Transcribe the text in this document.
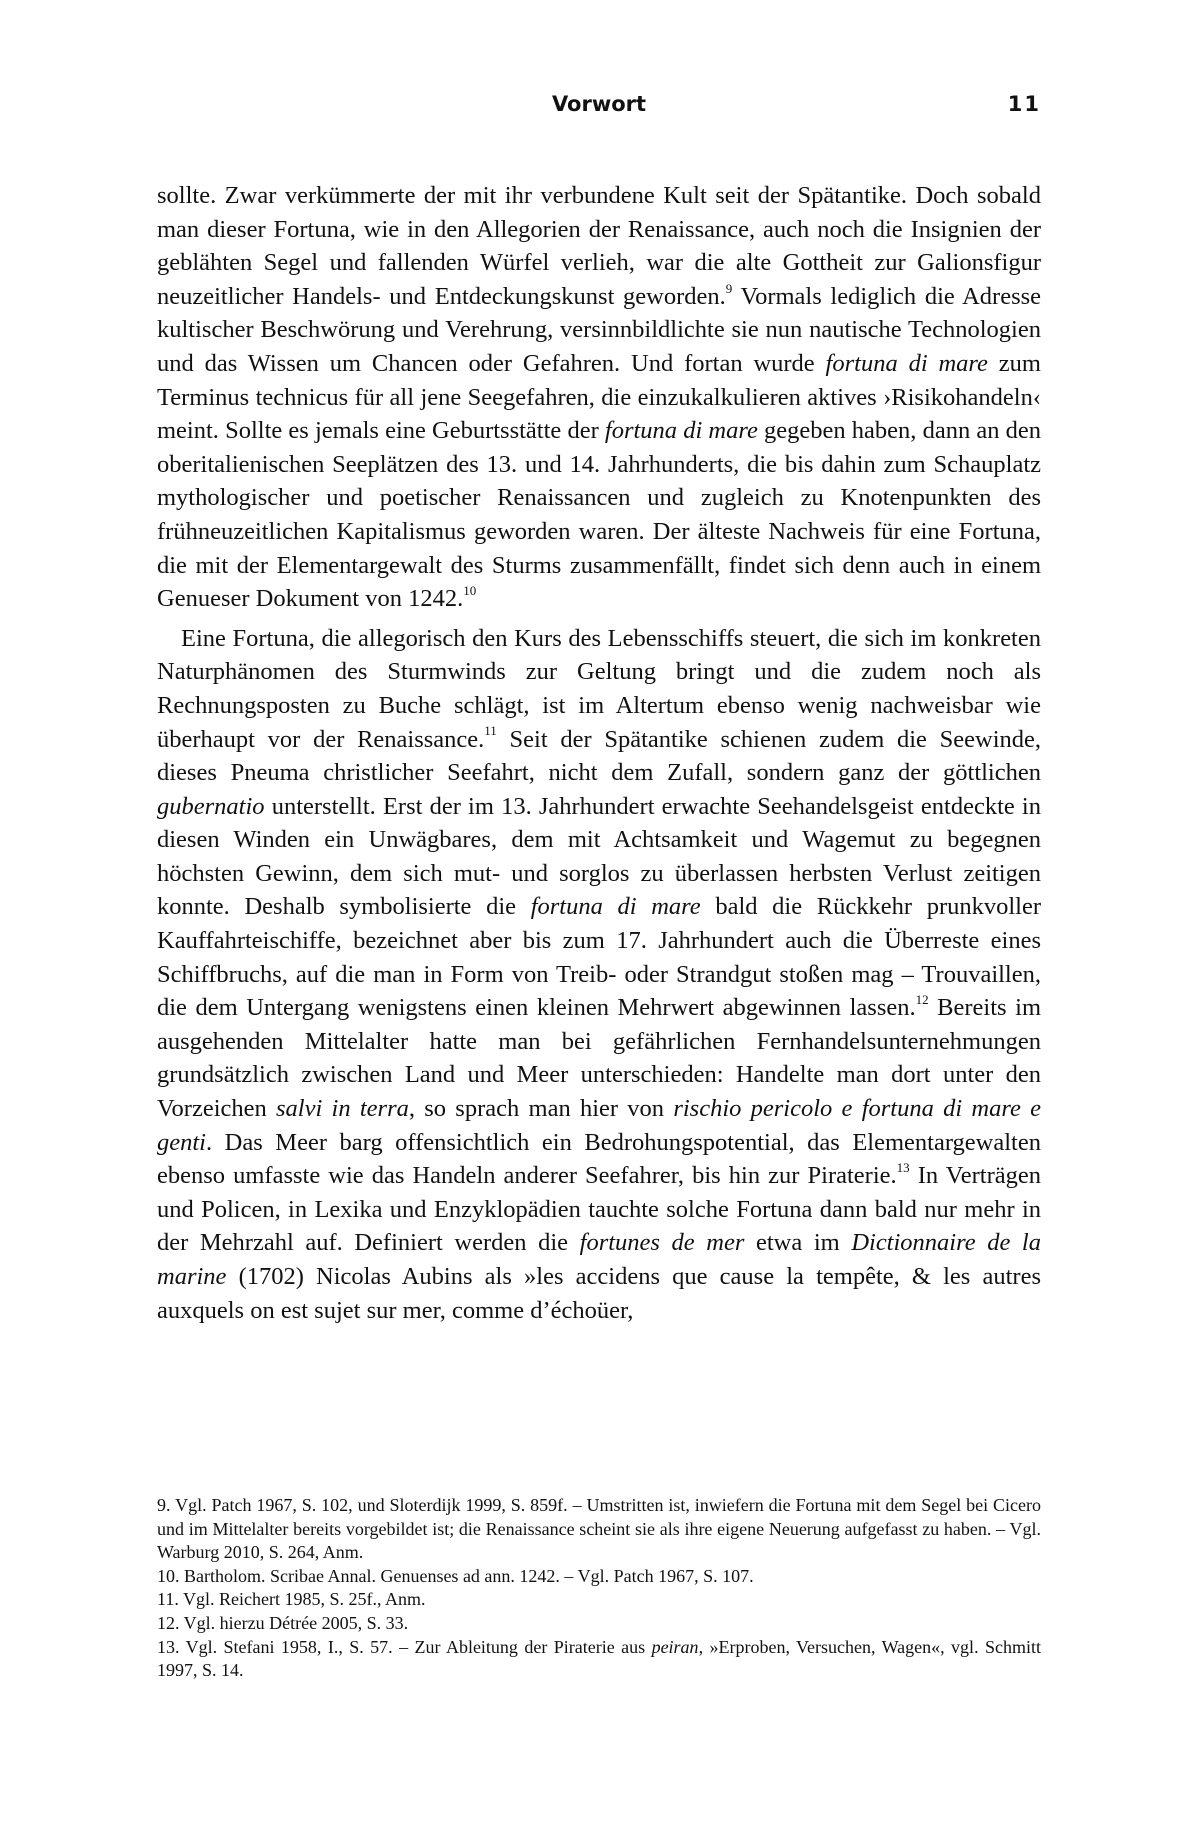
Vorwort	11

sollte. Zwar verkümmerte der mit ihr verbundene Kult seit der Spätantike. Doch sobald man dieser Fortuna, wie in den Allegorien der Renaissance, auch noch die Insignien der geblähten Segel und fallenden Würfel verlieh, war die alte Gottheit zur Galionsfigur neuzeitlicher Handels- und Entdeckungskunst geworden.$^9$ Vormals lediglich die Adresse kultischer Beschwörung und Verehrung, versinnbildlichte sie nun nautische Technologien und das Wissen um Chancen oder Gefahren. Und fortan wurde fortuna di mare zum Terminus technicus für all jene Seegefahren, die einzukalkulieren aktives ›Risikohandeln‹ meint. Sollte es jemals eine Geburtsstätte der fortuna di mare gegeben haben, dann an den oberitalienischen Seeplätzen des 13. und 14. Jahrhunderts, die bis dahin zum Schauplatz mythologischer und poetischer Renaissancen und zugleich zu Knotenpunkten des frühneuzeitlichen Kapitalismus geworden waren. Der älteste Nachweis für eine Fortuna, die mit der Elementargewalt des Sturms zusammenfällt, findet sich denn auch in einem Genueser Dokument von 1242.10

Eine Fortuna, die allegorisch den Kurs des Lebensschiffs steuert, die sich im konkreten Naturphänomen des Sturmwinds zur Geltung bringt und die zudem noch als Rechnungsposten zu Buche schlägt, ist im Altertum ebenso wenig nachweisbar wie überhaupt vor der Renaissance.$^{11}$ Seit der Spätantike schienen zudem die Seewinde, dieses Pneuma christlicher Seefahrt, nicht dem Zufall, sondern ganz der göttlichen gubernatio unterstellt. Erst der im 13. Jahrhundert erwachte Seehandelsgeist entdeckte in diesen Winden ein Unwägbares, dem mit Achtsamkeit und Wagemut zu begegnen höchsten Gewinn, dem sich mut- und sorglos zu überlassen herbsten Verlust zeitigen konnte. Deshalb symbolisierte die fortuna di mare bald die Rückkehr prunkvoller Kauffahrteischiffe, bezeichnet aber bis zum 17. Jahrhundert auch die Überreste eines Schiffbruchs, auf die man in Form von Treib- oder Strandgut stoßen mag – Trouvaillen, die dem Untergang wenigstens einen kleinen Mehrwert abgewinnen lassen.$^{12}$ Bereits im ausgehenden Mittelalter hatte man bei gefährlichen Fernhandelsunternehmungen grundsätzlich zwischen Land und Meer unterschieden: Handelte man dort unter den Vorzeichen salvi in terra, so sprach man hier von rischio pericolo e fortuna di mare e genti. Das Meer barg offensichtlich ein Bedrohungspotential, das Elementargewalten ebenso umfasste wie das Handeln anderer Seefahrer, bis hin zur Piraterie.$^{13}$ In Verträgen und Policen, in Lexika und Enzyklopädien tauchte solche Fortuna dann bald nur mehr in der Mehrzahl auf. Definiert werden die fortunes de mer etwa im Dictionnaire de la marine (1702) Nicolas Aubins als »les accidens que cause la tempête, & les autres auxquels on est sujet sur mer, comme d’échoüer,

9. Vgl. Patch 1967, S. 102, und Sloterdijk 1999, S. 859f. – Umstritten ist, inwiefern die Fortuna mit dem Segel bei Cicero und im Mittelalter bereits vorgebildet ist; die Renaissance scheint sie als ihre eigene Neuerung aufgefasst zu haben. – Vgl. Warburg 2010, S. 264, Anm.

10. Bartholom. Scribae Annal. Genuenses ad ann. 1242. – Vgl. Patch 1967, S. 107.

11. Vgl. Reichert 1985, S. 25f., Anm.

12. Vgl. hierzu Détrée 2005, S. 33.

13. Vgl. Stefani 1958, I., S. 57. – Zur Ableitung der Piraterie aus peiran, »Erproben, Versuchen, Wagen«, vgl. Schmitt 1997, S. 14.
